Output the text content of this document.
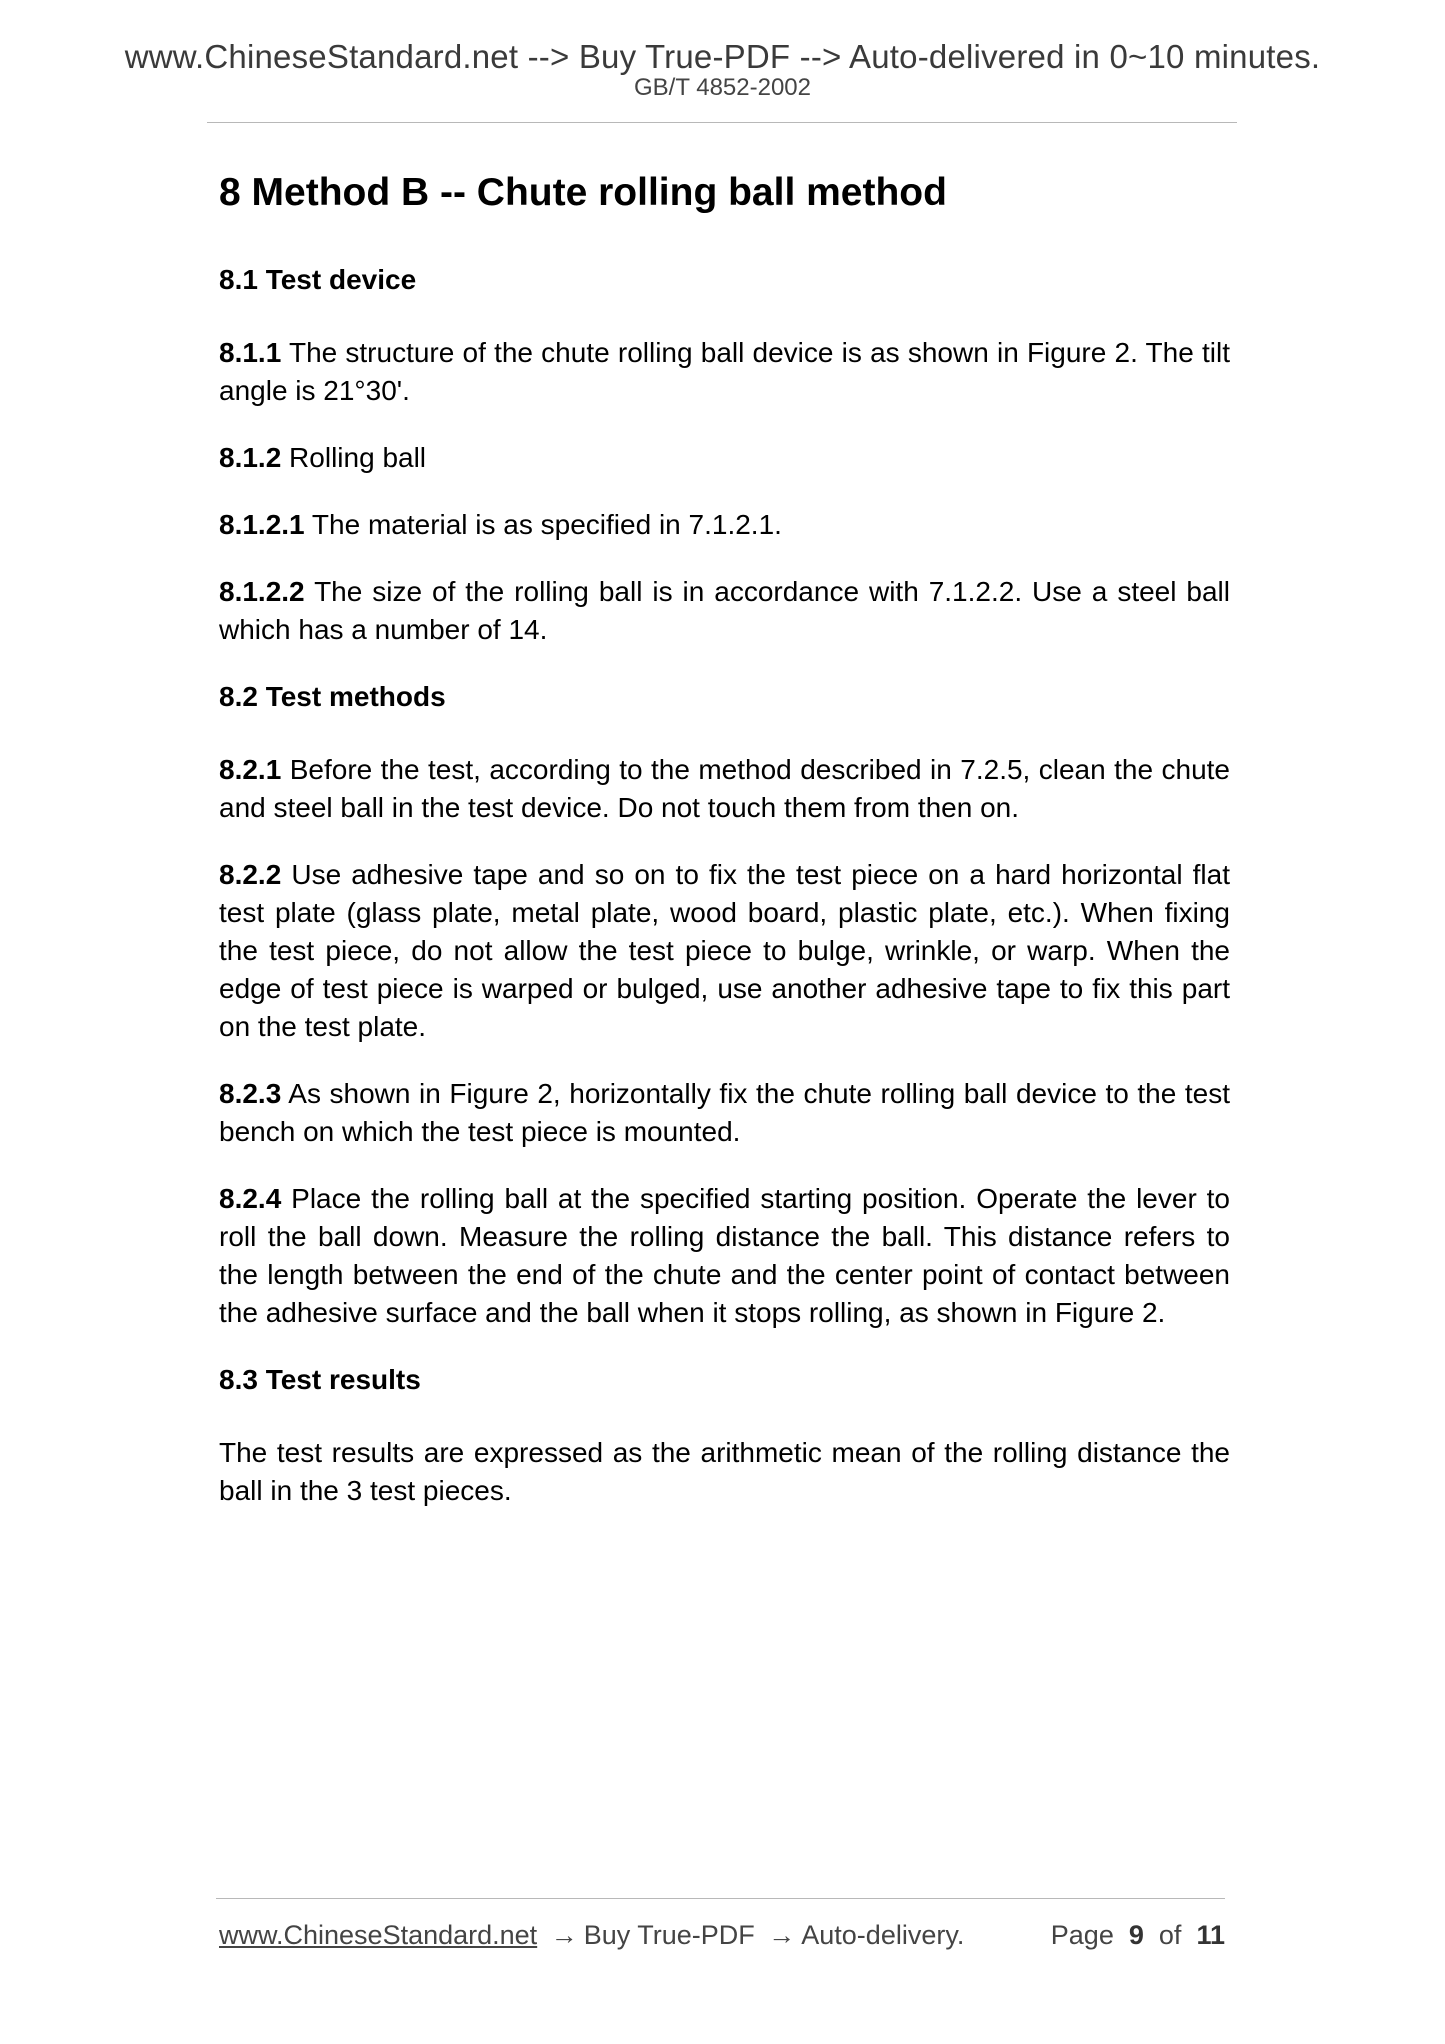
www.ChineseStandard.net --> Buy True-PDF --> Auto-delivered in 0~10 minutes.
GB/T 4852-2002
8 Method B -- Chute rolling ball method
8.1 Test device

8.1.1 The structure of the chute rolling ball device is as shown in Figure 2. The tilt angle is 21°30'.

8.1.2 Rolling ball

8.1.2.1 The material is as specified in 7.1.2.1.

8.1.2.2 The size of the rolling ball is in accordance with 7.1.2.2. Use a steel ball which has a number of 14.

8.2 Test methods

8.2.1 Before the test, according to the method described in 7.2.5, clean the chute and steel ball in the test device. Do not touch them from then on.

8.2.2 Use adhesive tape and so on to fix the test piece on a hard horizontal flat test plate (glass plate, metal plate, wood board, plastic plate, etc.). When fixing the test piece, do not allow the test piece to bulge, wrinkle, or warp. When the edge of test piece is warped or bulged, use another adhesive tape to fix this part on the test plate.

8.2.3 As shown in Figure 2, horizontally fix the chute rolling ball device to the test bench on which the test piece is mounted.

8.2.4 Place the rolling ball at the specified starting position. Operate the lever to roll the ball down. Measure the rolling distance the ball. This distance refers to the length between the end of the chute and the center point of contact between the adhesive surface and the ball when it stops rolling, as shown in Figure 2.

8.3 Test results

The test results are expressed as the arithmetic mean of the rolling distance the ball in the 3 test pieces.

www.ChineseStandard.net → Buy True-PDF → Auto-delivery.	Page 9 of 11
